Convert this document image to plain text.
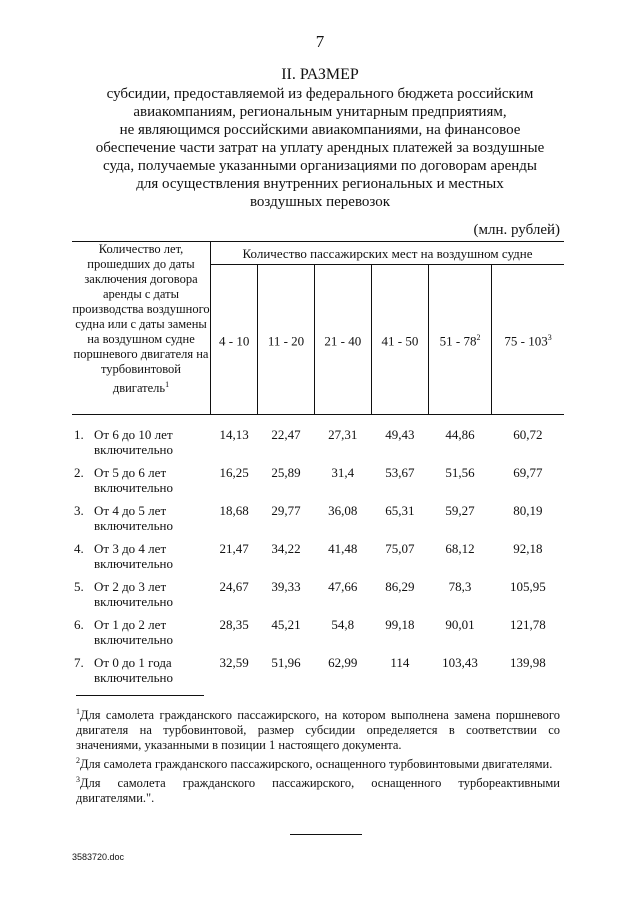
7
II. РАЗМЕР
субсидии, предоставляемой из федерального бюджета российским
авиакомпаниям, региональным унитарным предприятиям,
не являющимся российскими авиакомпаниями, на финансовое
обеспечение части затрат на уплату арендных платежей за воздушные
суда, получаемые указанными организациями по договорам аренды
для осуществления внутренних региональных и местных
воздушных перевозок
(млн. рублей)
Количество лет, прошедших до даты заключения договора аренды с даты производства воздушного судна или с даты замены на воздушном судне поршневого двигателя на турбовинтовой двигатель$^1$	Количество пассажирских мест на воздушном судне					
	4 - 10	11 - 20	21 - 40	41 - 50	$51 - 78^2$	$75 - 103^3$

1. От 6 до 10 лет
включительно	14,13	22,47	27,31	49,43	44,86	60,72
2. От 5 до 6 лет
включительно	16,25	25,89	31,4	53,67	51,56	69,77
3. От 4 до 5 лет
включительно	18,68	29,77	36,08	65,31	59,27	80,19
4. От 3 до 4 лет
включительно	21,47	34,22	41,48	75,07	68,12	92,18
5. От 2 до 3 лет
включительно	24,67	39,33	47,66	86,29	78,3	105,95
6. От 1 до 2 лет
включительно	28,35	45,21	54,8	99,18	90,01	121,78
7. От 0 до 1 года
включительно	32,59	51,96	62,99	114	103,43	139,98

$^1$Для самолета гражданского пассажирского, на котором выполнена замена поршневого двигателя на турбовинтовой, размер субсидии определяется в соответствии со значениями, указанными в позиции 1 настоящего документа.

$^2$Для самолета гражданского пассажирского, оснащенного турбовинтовыми двигателями.

$^3$Для самолета гражданского пассажирского, оснащенного турбореактивными двигателями.".

3583720.doc
